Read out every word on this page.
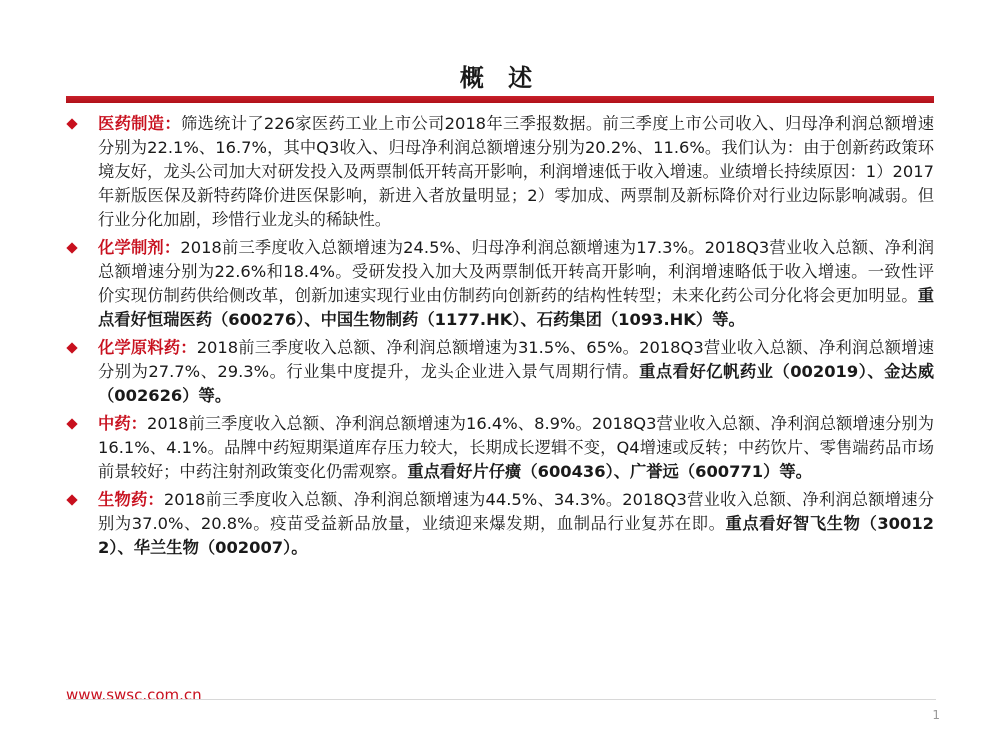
概 述
医药制造：筛选统计了226家医药工业上市公司2018年三季报数据。前三季度上市公司收入、归母净利润总额增速分别为22.1%、16.7%，其中Q3收入、归母净利润总额增速分别为20.2%、11.6%。我们认为：由于创新药政策环境友好，龙头公司加大对研发投入及两票制低开转高开影响，利润增速低于收入增速。业绩增长持续原因：1）2017年新版医保及新特药降价进医保影响，新进入者放量明显；2）零加成、两票制及新标降价对行业边际影响减弱。但行业分化加剧，珍惜行业龙头的稀缺性。
化学制剂：2018前三季度收入总额增速为24.5%、归母净利润总额增速为17.3%。2018Q3营业收入总额、净利润总额增速分别为22.6%和18.4%。受研发投入加大及两票制低开转高开影响，利润增速略低于收入增速。一致性评价实现仿制药供给侧改革，创新加速实现行业由仿制药向创新药的结构性转型；未来化药公司分化将会更加明显。重点看好恒瑞医药（600276）、中国生物制药（1177.HK）、石药集团（1093.HK）等。
化学原料药：2018前三季度收入总额、净利润总额增速为31.5%、65%。2018Q3营业收入总额、净利润总额增速分别为27.7%、29.3%。行业集中度提升，龙头企业进入景气周期行情。重点看好亿帆药业（002019）、金达威（002626）等。
中药：2018前三季度收入总额、净利润总额增速为16.4%、8.9%。2018Q3营业收入总额、净利润总额增速分别为16.1%、4.1%。品牌中药短期渠道库存压力较大，长期成长逻辑不变，Q4增速或反转；中药饮片、零售端药品市场前景较好；中药注射剂政策变化仍需观察。重点看好片仔癀（600436）、广誉远（600771）等。
生物药：2018前三季度收入总额、净利润总额增速为44.5%、34.3%。2018Q3营业收入总额、净利润总额增速分别为37.0%、20.8%。疫苗受益新品放量，业绩迎来爆发期，血制品行业复苏在即。重点看好智飞生物（300122）、华兰生物（002007）。
www.swsc.com.cn
1
